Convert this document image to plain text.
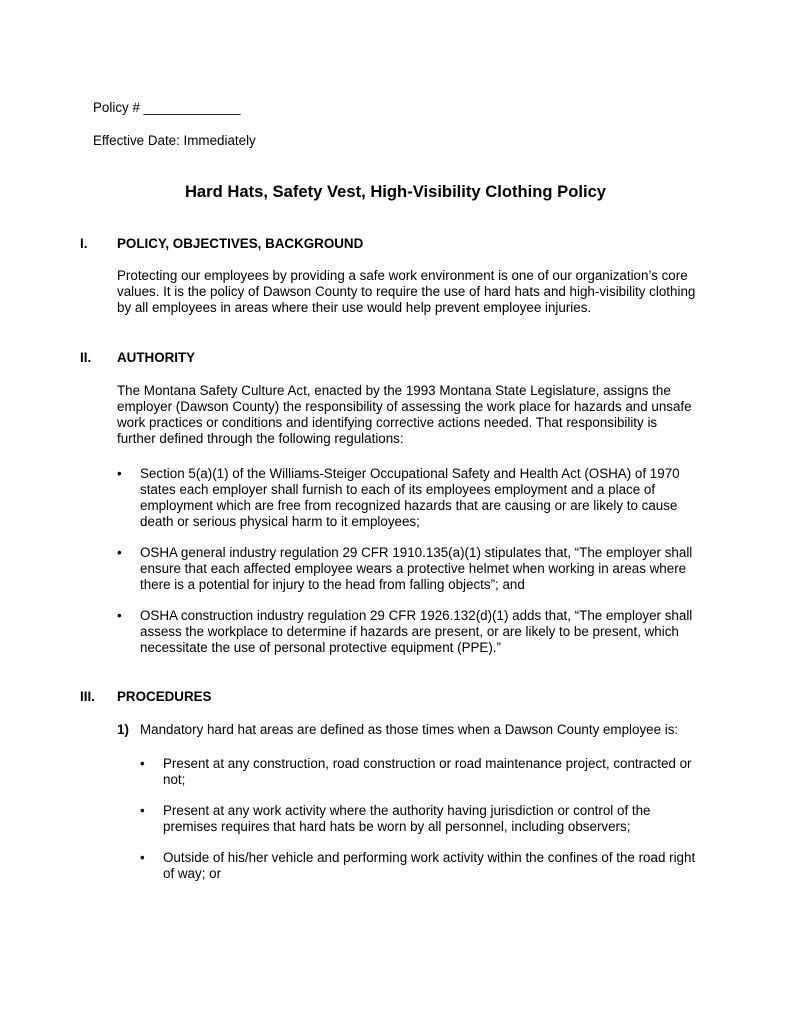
Policy # _____________
Effective Date: Immediately
Hard Hats, Safety Vest, High-Visibility Clothing Policy
I. POLICY, OBJECTIVES, BACKGROUND
Protecting our employees by providing a safe work environment is one of our organization’s core
values. It is the policy of Dawson County to require the use of hard hats and high-visibility clothing
by all employees in areas where their use would help prevent employee injuries.
II. AUTHORITY
The Montana Safety Culture Act, enacted by the 1993 Montana State Legislature, assigns the
employer (Dawson County) the responsibility of assessing the work place for hazards and unsafe
work practices or conditions and identifying corrective actions needed. That responsibility is
further defined through the following regulations:
• Section 5(a)(1) of the Williams-Steiger Occupational Safety and Health Act (OSHA) of 1970
states each employer shall furnish to each of its employees employment and a place of
employment which are free from recognized hazards that are causing or are likely to cause
death or serious physical harm to it employees;
• OSHA general industry regulation 29 CFR 1910.135(a)(1) stipulates that, “The employer shall
ensure that each affected employee wears a protective helmet when working in areas where
there is a potential for injury to the head from falling objects”; and
• OSHA construction industry regulation 29 CFR 1926.132(d)(1) adds that, “The employer shall
assess the workplace to determine if hazards are present, or are likely to be present, which
necessitate the use of personal protective equipment (PPE).”
III. PROCEDURES
1) Mandatory hard hat areas are defined as those times when a Dawson County employee is:
• Present at any construction, road construction or road maintenance project, contracted or
not;
• Present at any work activity where the authority having jurisdiction or control of the
premises requires that hard hats be worn by all personnel, including observers;
• Outside of his/her vehicle and performing work activity within the confines of the road right
of way; or
